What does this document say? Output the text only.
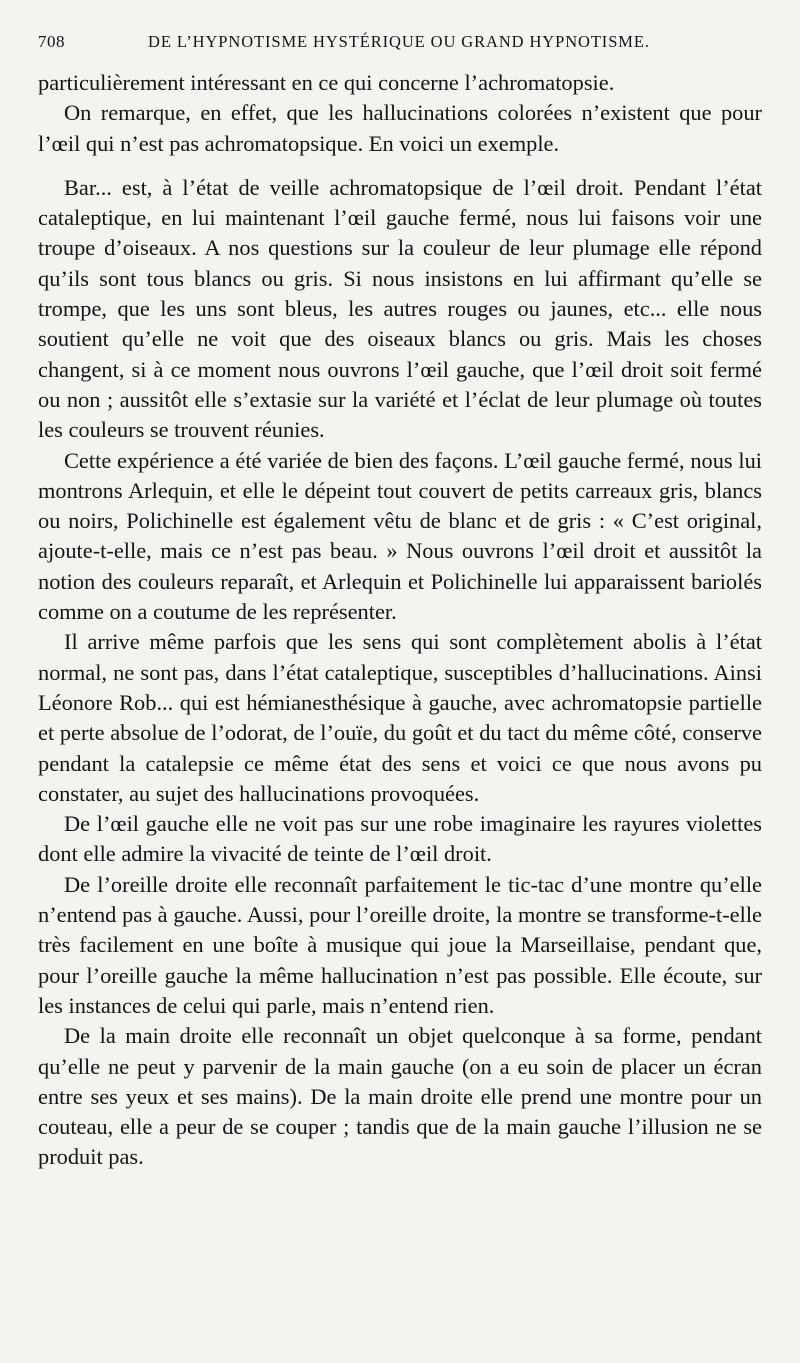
708	DE L’HYPNOTISME HYSTÉRIQUE OU GRAND HYPNOTISME.

particulièrement intéressant en ce qui concerne l’achromatopsie.

On remarque, en effet, que les hallucinations colorées n’existent que pour l’œil qui n’est pas achromatopsique. En voici un exemple.

Bar... est, à l’état de veille achromatopsique de l’œil droit. Pendant l’état cataleptique, en lui maintenant l’œil gauche fermé, nous lui faisons voir une troupe d’oiseaux. A nos questions sur la couleur de leur plumage elle répond qu’ils sont tous blancs ou gris. Si nous insistons en lui affirmant qu’elle se trompe, que les uns sont bleus, les autres rouges ou jaunes, etc... elle nous soutient qu’elle ne voit que des oiseaux blancs ou gris. Mais les choses changent, si à ce moment nous ouvrons l’œil gauche, que l’œil droit soit fermé ou non ; aussitôt elle s’extasie sur la variété et l’éclat de leur plumage où toutes les couleurs se trouvent réunies.

Cette expérience a été variée de bien des façons. L’œil gauche fermé, nous lui montrons Arlequin, et elle le dépeint tout couvert de petits carreaux gris, blancs ou noirs, Polichinelle est également vêtu de blanc et de gris : « C’est original, ajoute-t-elle, mais ce n’est pas beau. » Nous ouvrons l’œil droit et aussitôt la notion des couleurs reparaît, et Arlequin et Polichinelle lui apparaissent bariolés comme on a coutume de les représenter.

Il arrive même parfois que les sens qui sont complètement abolis à l’état normal, ne sont pas, dans l’état cataleptique, susceptibles d’hallucinations. Ainsi Léonore Rob... qui est hémianesthésique à gauche, avec achromatopsie partielle et perte absolue de l’odorat, de l’ouïe, du goût et du tact du même côté, conserve pendant la catalepsie ce même état des sens et voici ce que nous avons pu constater, au sujet des hallucinations provoquées.

De l’œil gauche elle ne voit pas sur une robe imaginaire les rayures violettes dont elle admire la vivacité de teinte de l’œil droit.

De l’oreille droite elle reconnaît parfaitement le tic-tac d’une montre qu’elle n’entend pas à gauche. Aussi, pour l’oreille droite, la montre se transforme-t-elle très facilement en une boîte à musique qui joue la Marseillaise, pendant que, pour l’oreille gauche la même hallucination n’est pas possible. Elle écoute, sur les instances de celui qui parle, mais n’entend rien.

De la main droite elle reconnaît un objet quelconque à sa forme, pendant qu’elle ne peut y parvenir de la main gauche (on a eu soin de placer un écran entre ses yeux et ses mains). De la main droite elle prend une montre pour un couteau, elle a peur de se couper ; tandis que de la main gauche l’illusion ne se produit pas.
